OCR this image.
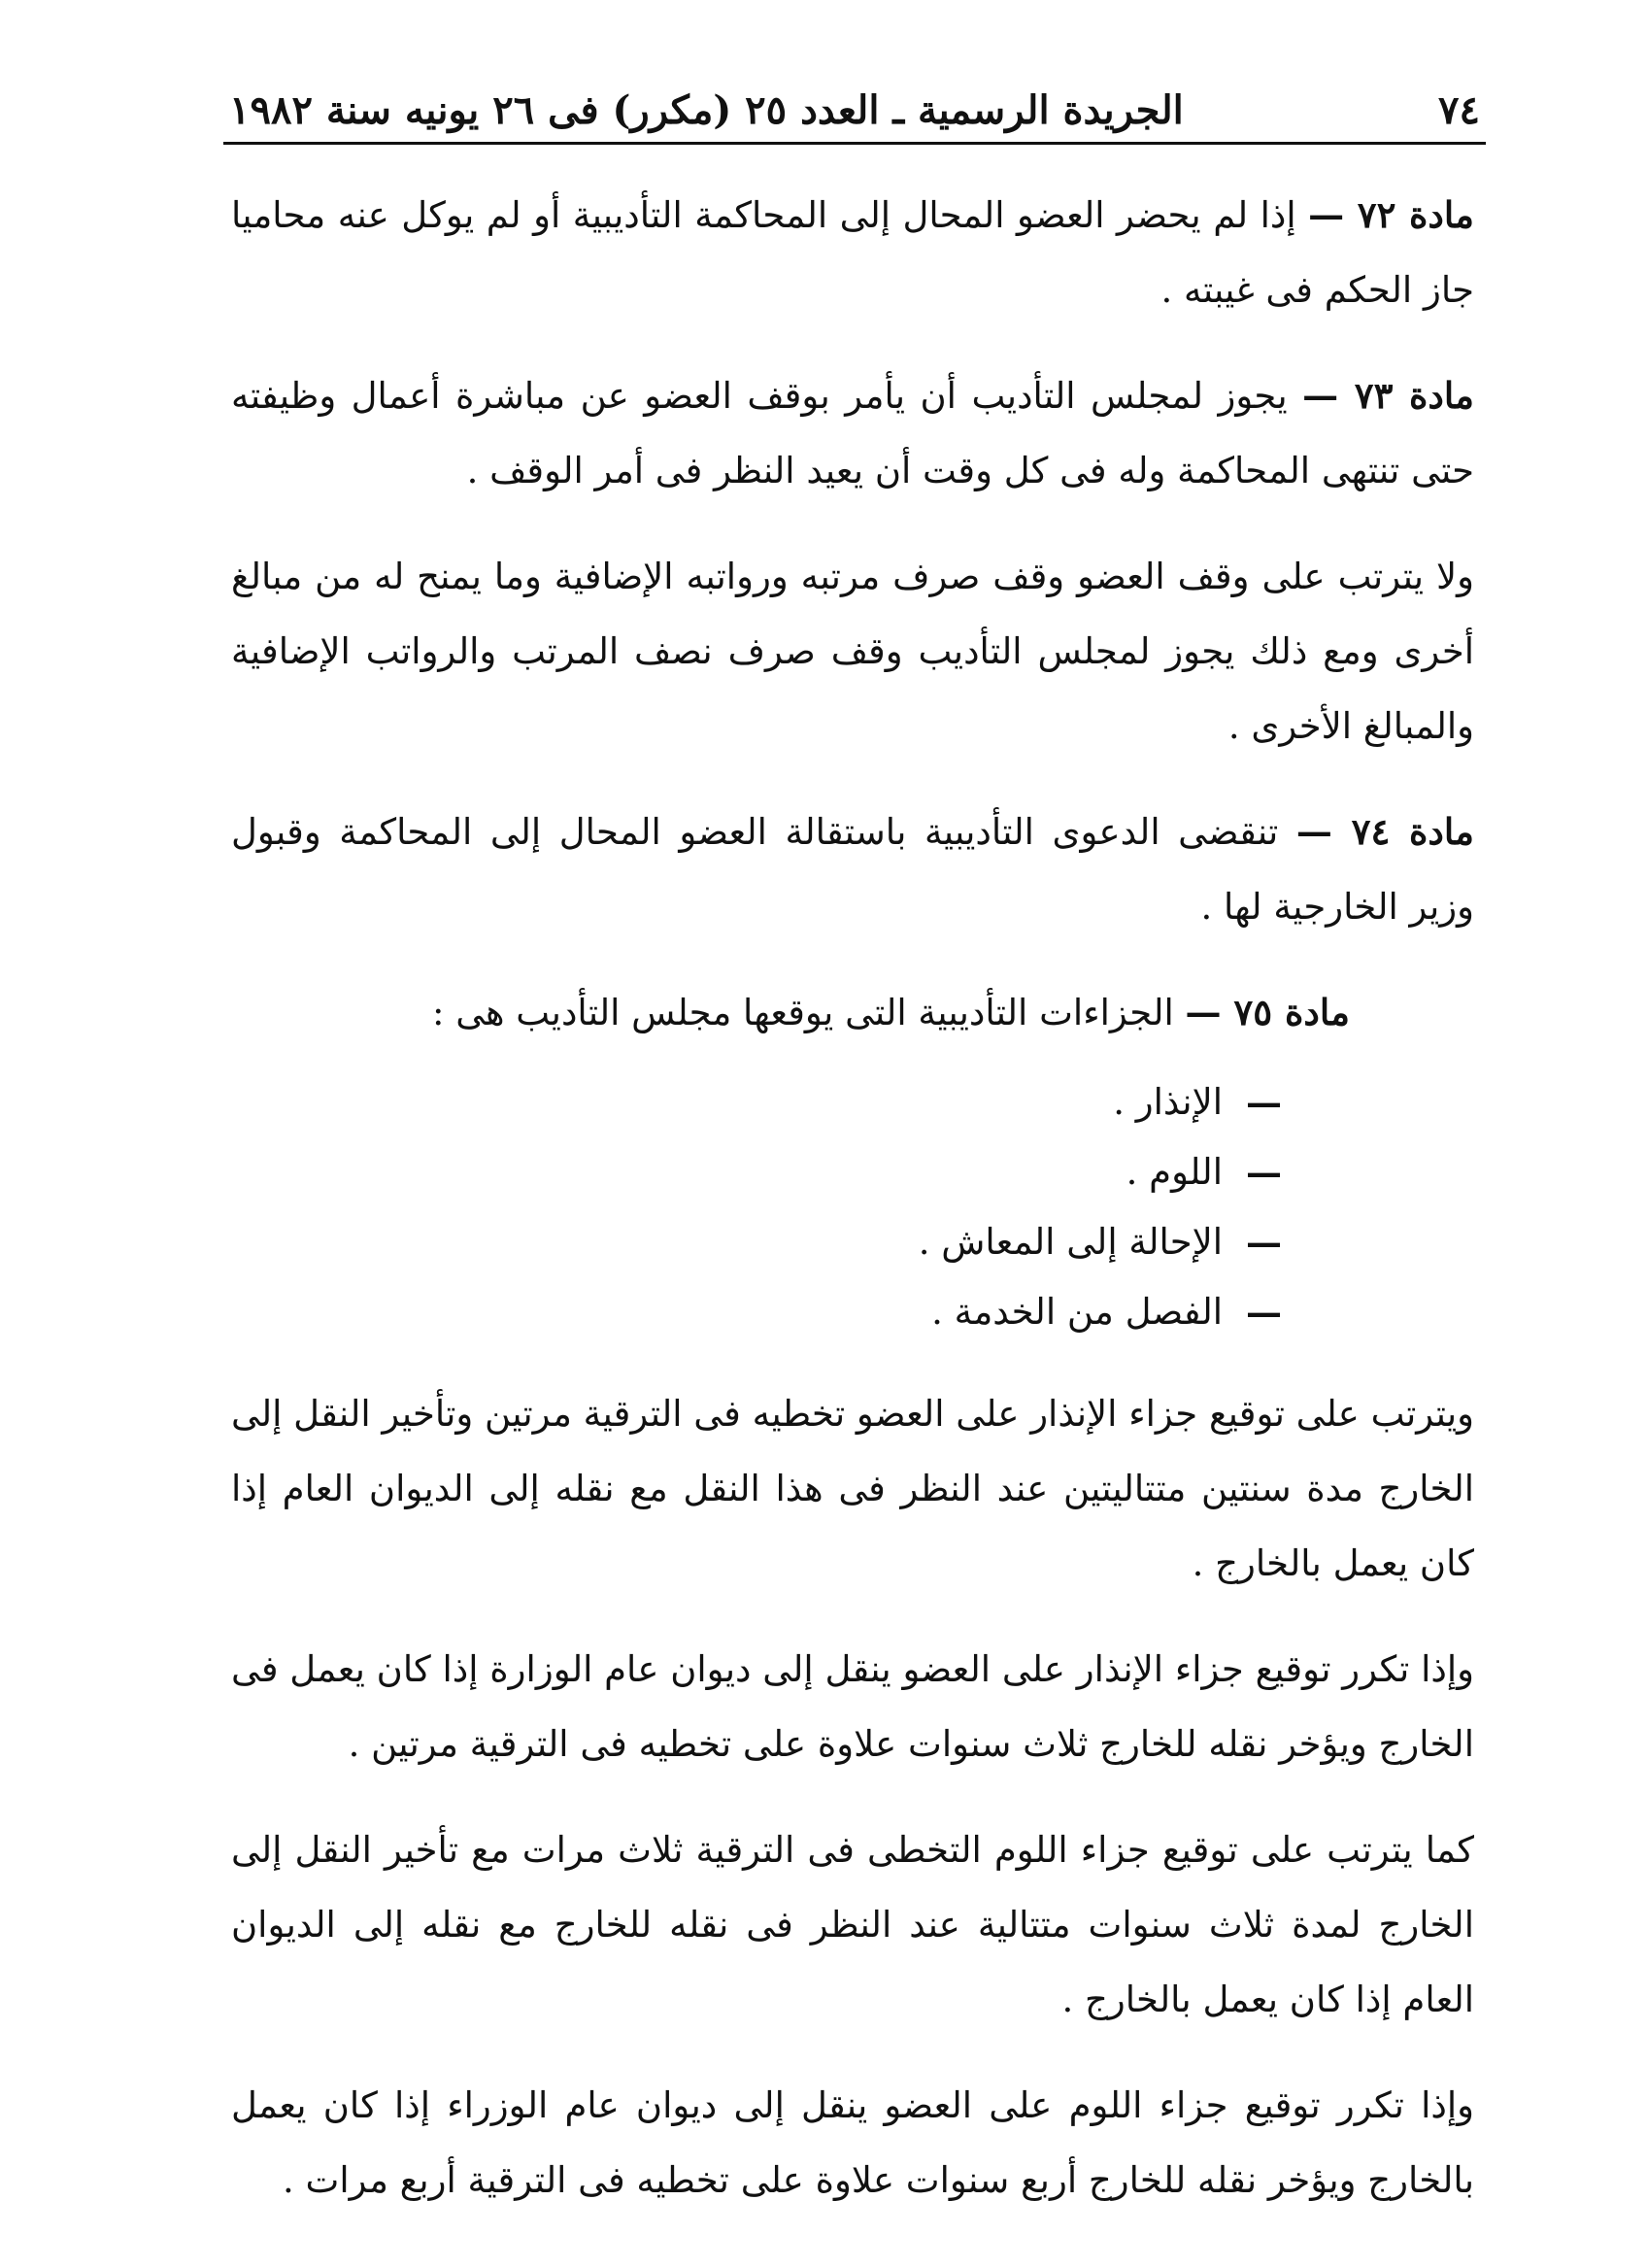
٧٤
الجريدة الرسمية ـ العدد ٢٥ (مكرر) فى ٢٦ يونيه سنة ١٩٨٢

مادة ٧٢ — إذا لم يحضر العضو المحال إلى المحاكمة التأديبية أو لم يوكل عنه محاميا جاز الحكم فى غيبته .

مادة ٧٣ — يجوز لمجلس التأديب أن يأمر بوقف العضو عن مباشرة أعمال وظيفته حتى تنتهى المحاكمة وله فى كل وقت أن يعيد النظر فى أمر الوقف .

ولا يترتب على وقف العضو وقف صرف مرتبه ورواتبه الإضافية وما يمنح له من مبالغ أخرى ومع ذلك يجوز لمجلس التأديب وقف صرف نصف المرتب والرواتب الإضافية والمبالغ الأخرى .

مادة ٧٤ — تنقضى الدعوى التأديبية باستقالة العضو المحال إلى المحاكمة وقبول وزير الخارجية لها .

مادة ٧٥ — الجزاءات التأديبية التى يوقعها مجلس التأديب هى :

—
الإنذار .
—
اللوم .
—
الإحالة إلى المعاش .
—
الفصل من الخدمة .

ويترتب على توقيع جزاء الإنذار على العضو تخطيه فى الترقية مرتين وتأخير النقل إلى الخارج مدة سنتين متتاليتين عند النظر فى هذا النقل مع نقله إلى الديوان العام إذا كان يعمل بالخارج .

وإذا تكرر توقيع جزاء الإنذار على العضو ينقل إلى ديوان عام الوزارة إذا كان يعمل فى الخارج ويؤخر نقله للخارج ثلاث سنوات علاوة على تخطيه فى الترقية مرتين .

كما يترتب على توقيع جزاء اللوم التخطى فى الترقية ثلاث مرات مع تأخير النقل إلى الخارج لمدة ثلاث سنوات متتالية عند النظر فى نقله للخارج مع نقله إلى الديوان العام إذا كان يعمل بالخارج .

وإذا تكرر توقيع جزاء اللوم على العضو ينقل إلى ديوان عام الوزراء إذا كان يعمل بالخارج ويؤخر نقله للخارج أربع سنوات علاوة على تخطيه فى الترقية أربع مرات .
